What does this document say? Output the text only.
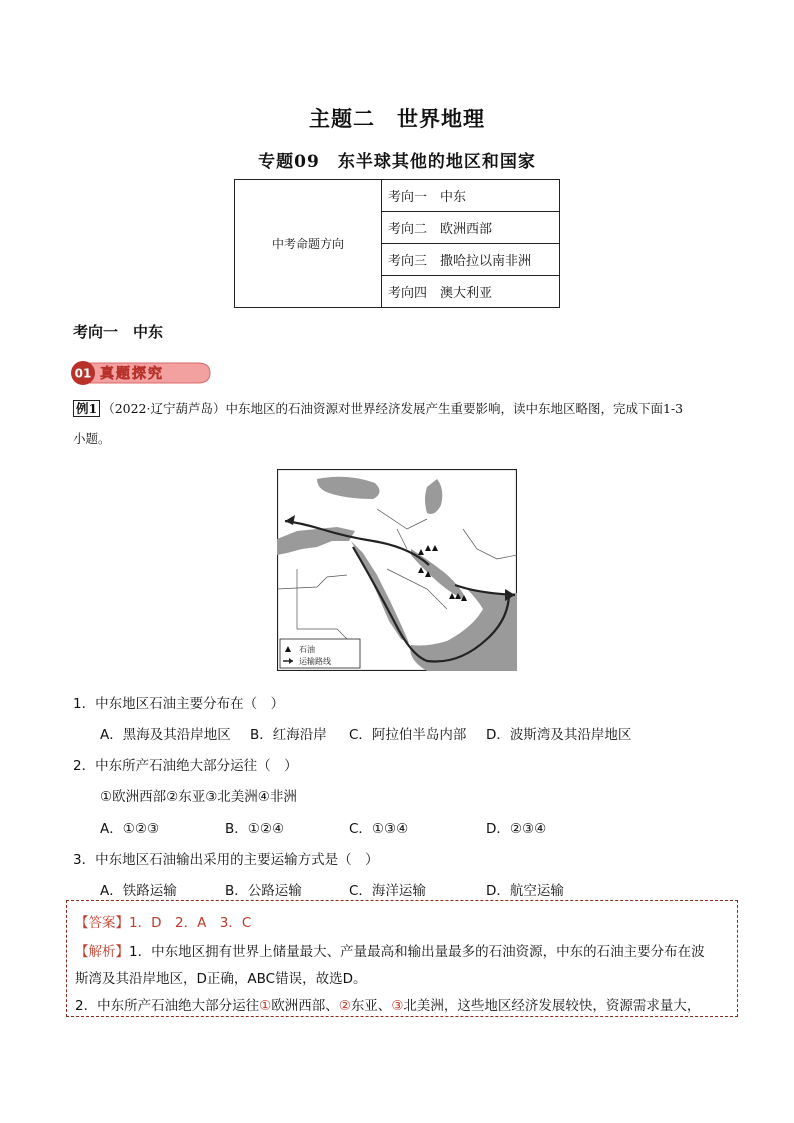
主题二　世界地理
专题09　东半球其他的地区和国家
中考命题方向	考向一　中东
考向二　欧洲西部
考向三　撒哈拉以南非洲
考向四　澳大利亚
考向一　中东
01 真题探究
例1 （2022·辽宁葫芦岛）中东地区的石油资源对世界经济发展产生重要影响，读中东地区略图，完成下面1-3
小题。
石油
运输路线
1．中东地区石油主要分布在（　）
A．黑海及其沿岸地区 B．红海沿岸 C．阿拉伯半岛内部 D．波斯湾及其沿岸地区
2．中东所产石油绝大部分运往（　）
①欧洲西部②东亚③北美洲④非洲
A．①②③	B．①②④	C．①③④	D．②③④
3．中东地区石油输出采用的主要运输方式是（　）
A．铁路运输	B．公路运输	C．海洋运输	D．航空运输
【答案】1．D　2．A　3．C
【解析】1．中东地区拥有世界上储量最大、产量最高和输出量最多的石油资源，中东的石油主要分布在波
斯湾及其沿岸地区，D正确，ABC错误，故选D。
2．中东所产石油绝大部分运往①欧洲西部、②东亚、③北美洲，这些地区经济发展较快，资源需求量大，
